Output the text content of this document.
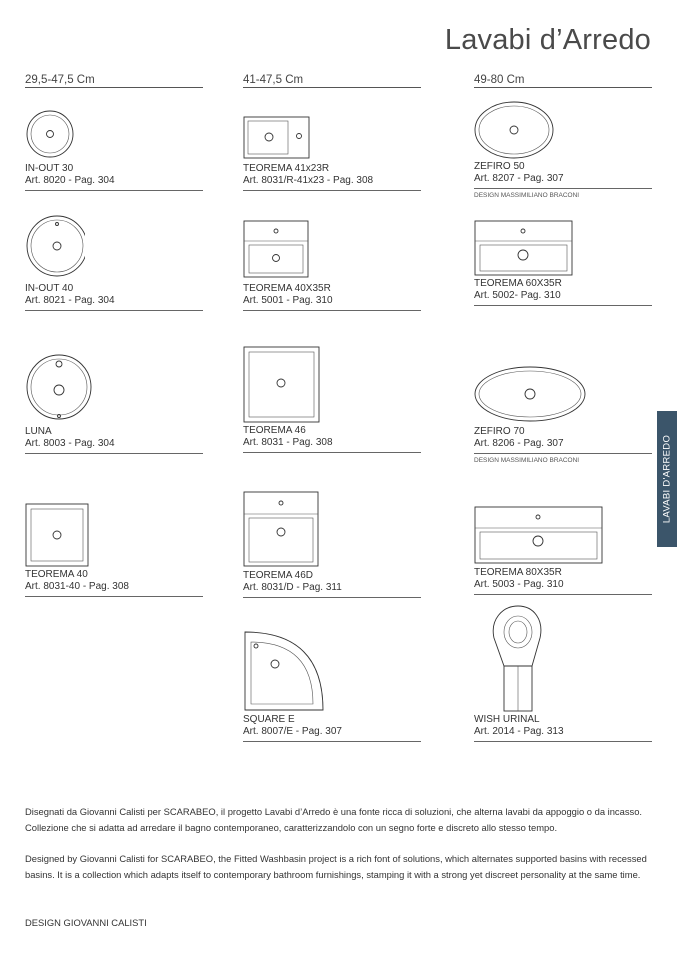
Lavabi d’Arredo
29,5-47,5 Cm	41-47,5 Cm	49-80 Cm
IN-OUT 30
Art. 8020 - Pag. 304
IN-OUT 40
Art. 8021 - Pag. 304
LUNA
Art. 8003 - Pag. 304
TEOREMA 40
Art. 8031-40 - Pag. 308
TEOREMA 41x23R
Art. 8031/R-41x23 - Pag. 308
TEOREMA 40X35R
Art. 5001 - Pag. 310
TEOREMA 46
Art. 8031 - Pag. 308
TEOREMA 46D
Art. 8031/D - Pag. 311
SQUARE E
Art. 8007/E - Pag. 307
ZEFIRO 50
Art. 8207 - Pag. 307
DESIGN MASSIMILIANO BRACONI
TEOREMA 60X35R
Art. 5002- Pag. 310
ZEFIRO 70
Art. 8206 - Pag. 307
DESIGN MASSIMILIANO BRACONI
TEOREMA 80X35R
Art. 5003 - Pag. 310
WISH URINAL
Art. 2014 - Pag. 313
LAVABI D'ARREDO

Disegnati da Giovanni Calisti per SCARABEO, il progetto Lavabi d’Arredo è una fonte ricca di soluzioni, che alterna lavabi da appoggio o da incasso. Collezione che si adatta ad arredare il bagno contemporaneo, caratterizzandolo con un segno forte e discreto allo stesso tempo.

Designed by Giovanni Calisti for SCARABEO, the Fitted Washbasin project is a rich font of solutions, which alternates supported basins with recessed basins. It is a collection which adapts itself to contemporary bathroom furnishings, stamping it with a strong yet discreet personality at the same time.

DESIGN GIOVANNI CALISTI
